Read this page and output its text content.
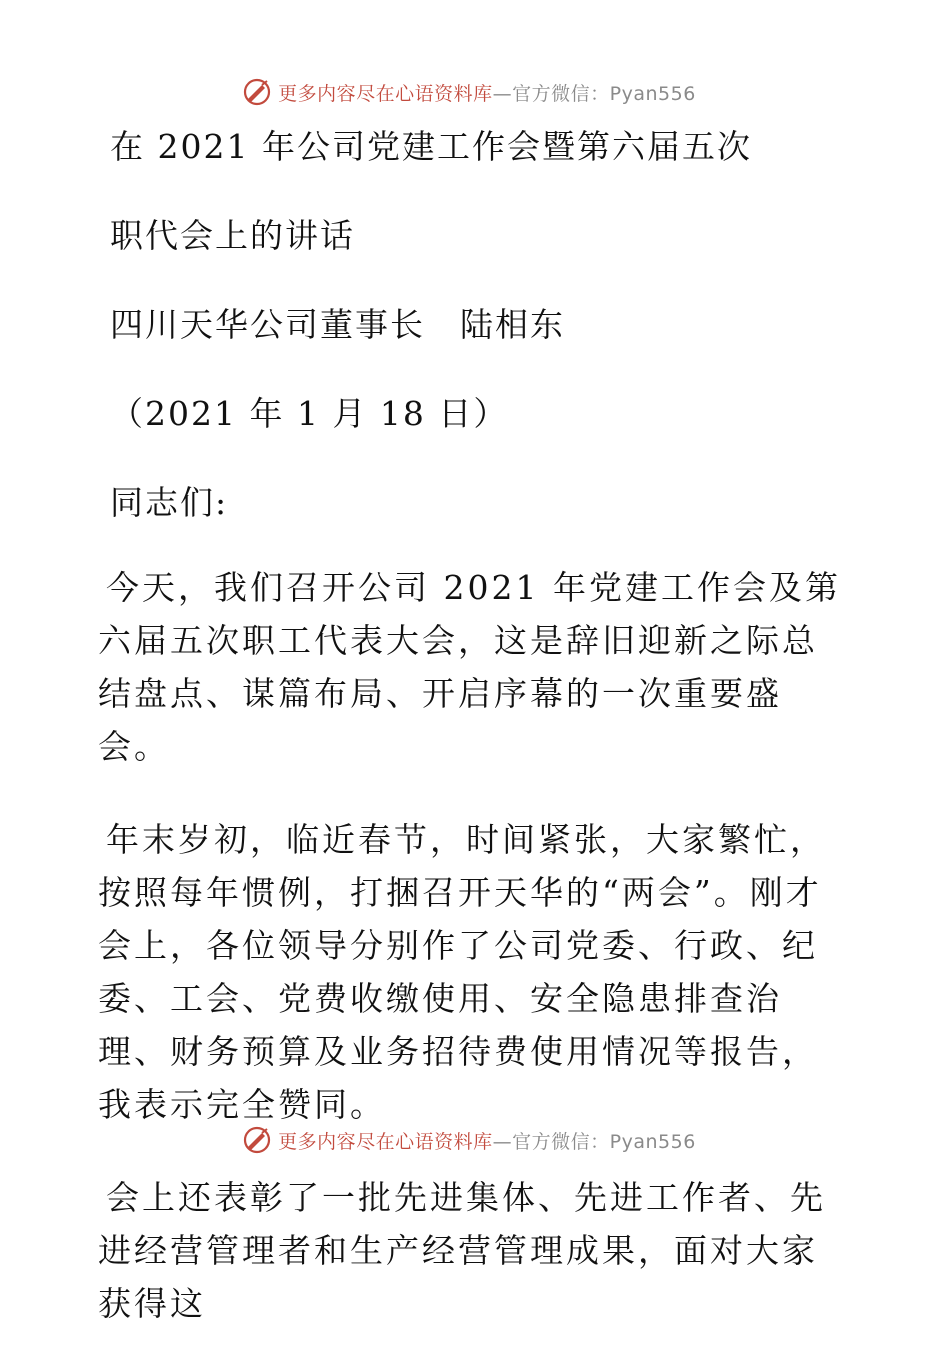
更多内容尽在心语资料库—官方微信：Pyan556
在 2021 年公司党建工作会暨第六届五次
职代会上的讲话
四川天华公司董事长　陆相东
（2021 年 1 月 18 日）
同志们:

今天，我们召开公司 2021 年党建工作会及第六届五次职工代表大会，这是辞旧迎新之际总结盘点、谋篇布局、开启序幕的一次重要盛会。

年末岁初，临近春节，时间紧张，大家繁忙，按照每年惯例，打捆召开天华的“两会”。刚才会上，各位领导分别作了公司党委、行政、纪委、工会、党费收缴使用、安全隐患排查治理、财务预算及业务招待费使用情况等报告，我表示完全赞同。

会上还表彰了一批先进集体、先进工作者、先进经营管理者和生产经营管理成果，面对大家获得这

更多内容尽在心语资料库—官方微信：Pyan556
